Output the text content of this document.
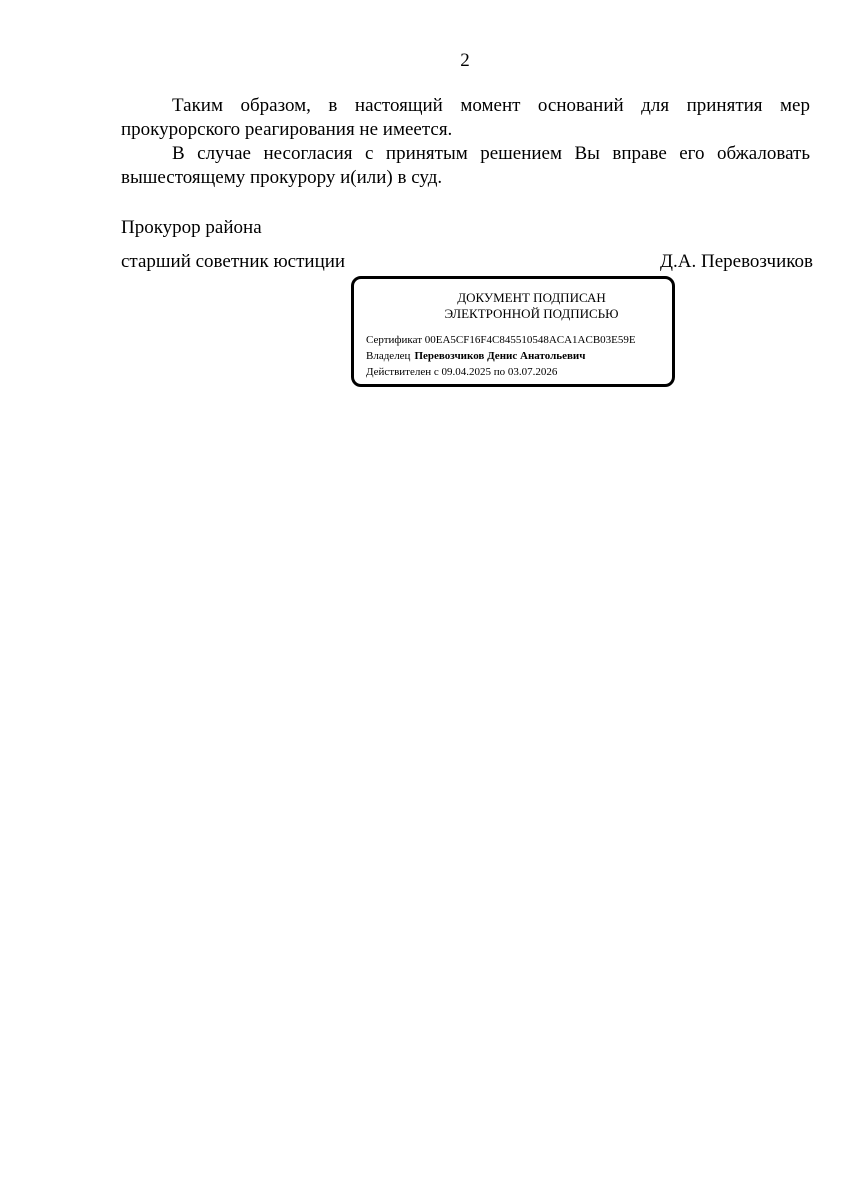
2

Таким образом, в настоящий момент оснований для принятия мер прокурорского реагирования не имеется.

В случае несогласия с принятым решением Вы вправе его обжаловать вышестоящему прокурору и(или) в суд.

Прокурор района
старший советник юстиции	Д.А. Перевозчиков
ДОКУМЕНТ ПОДПИСАН
ЭЛЕКТРОННОЙ ПОДПИСЬЮ
Сертификат 00EA5CF16F4C845510548ACA1ACB03E59E
Владелец Перевозчиков Денис Анатольевич
Действителен с 09.04.2025 по 03.07.2026
